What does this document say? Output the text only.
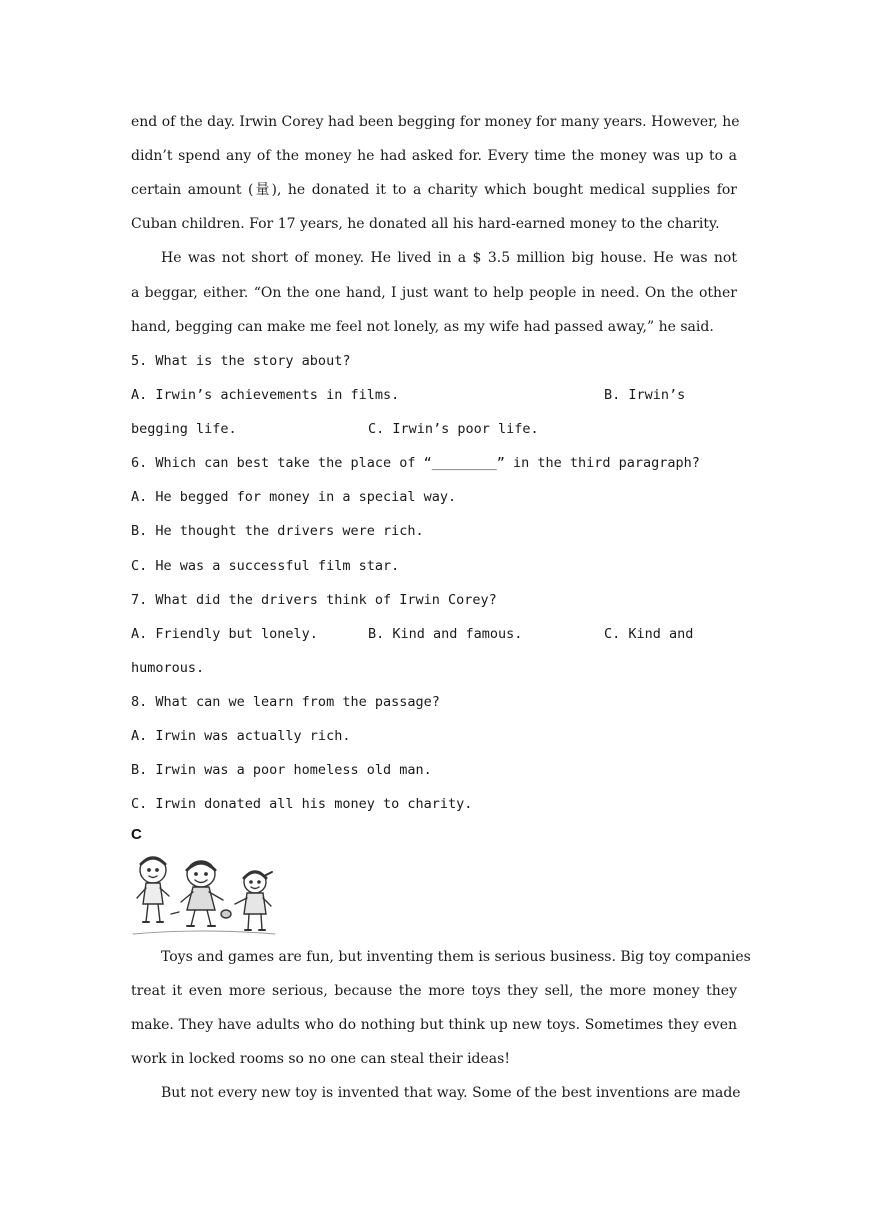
end of the day. Irwin Corey had been begging for money for many years. However, he
didn’t spend any of the money he had asked for. Every time the money was up to a
certain amount (量), he donated it to a charity which bought medical supplies for
Cuban children. For 17 years, he donated all his hard-earned money to the charity.
He was not short of money. He lived in a $ 3.5 million big house. He was not
a beggar, either. “On the one hand, I just want to help people in need. On the other
hand, begging can make me feel not lonely, as my wife had passed away,” he said.
5. What is the story about?
A. Irwin’s achievements in films.	B. Irwin’s
begging life.	C. Irwin’s poor life.
6. Which can best take the place of “________” in the third paragraph?
A. He begged for money in a special way.
B. He thought the drivers were rich.
C. He was a successful film star.
7. What did the drivers think of Irwin Corey?
A. Friendly but lonely.	B. Kind and famous.	C. Kind and
humorous.
8. What can we learn from the passage?
A. Irwin was actually rich.
B. Irwin was a poor homeless old man.
C. Irwin donated all his money to charity.
C
Toys and games are fun, but inventing them is serious business. Big toy companies
treat it even more serious, because the more toys they sell, the more money they
make. They have adults who do nothing but think up new toys. Sometimes they even
work in locked rooms so no one can steal their ideas!
But not every new toy is invented that way. Some of the best inventions are made
